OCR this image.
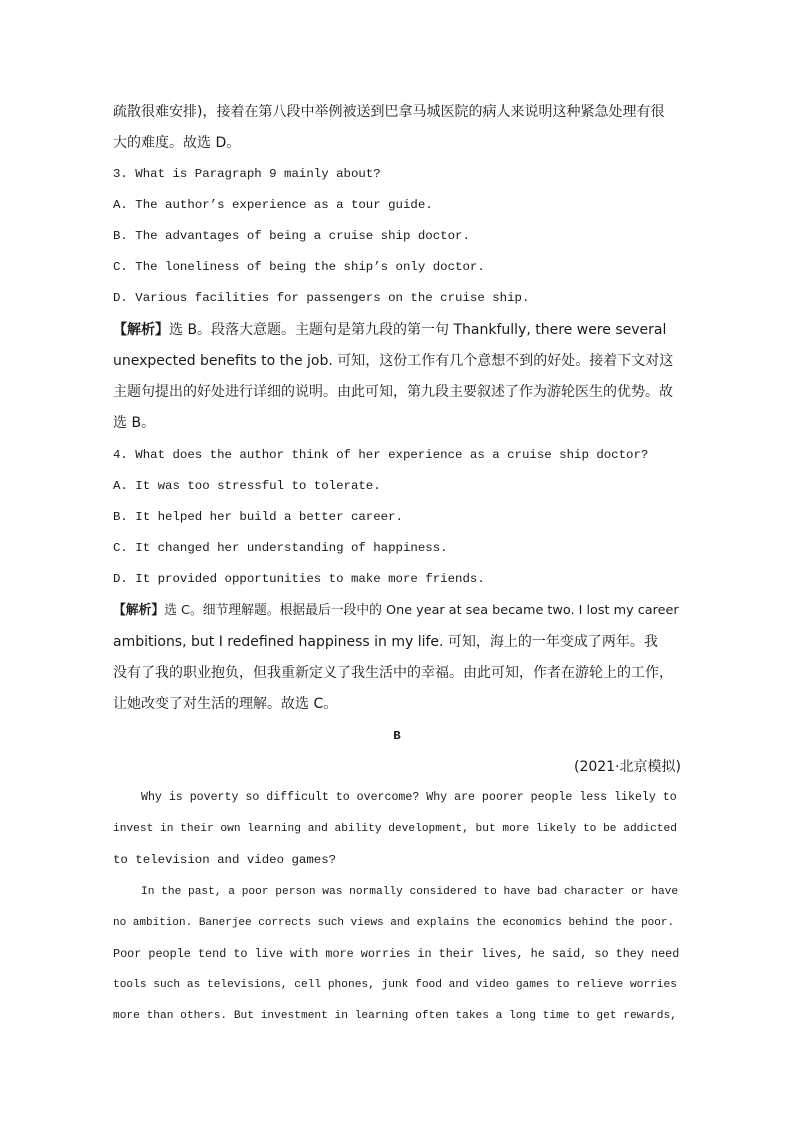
疏散很难安排)，接着在第八段中举例被送到巴拿马城医院的病人来说明这种紧急处理有很
大的难度。故选 D。
3. What is Paragraph 9 mainly about?
A. The author’s experience as a tour guide.
B. The advantages of being a cruise ship doctor.
C. The loneliness of being the ship’s only doctor.
D. Various facilities for passengers on the cruise ship.
【解析】选 B。段落大意题。主题句是第九段的第一句 Thankfully, there were several
unexpected benefits to the job. 可知，这份工作有几个意想不到的好处。接着下文对这
主题句提出的好处进行详细的说明。由此可知，第九段主要叙述了作为游轮医生的优势。故
选 B。
4. What does the author think of her experience as a cruise ship doctor?
A. It was too stressful to tolerate.
B. It helped her build a better career.
C. It changed her understanding of happiness.
D. It provided opportunities to make more friends.
【解析】选 C。细节理解题。根据最后一段中的 One year at sea became two. I lost my career
ambitions, but I redefined happiness in my life. 可知，海上的一年变成了两年。我
没有了我的职业抱负，但我重新定义了我生活中的幸福。由此可知，作者在游轮上的工作，
让她改变了对生活的理解。故选 C。
B
(2021·北京模拟)
Why is poverty so difficult to overcome? Why are poorer people less likely to
invest in their own learning and ability development, but more likely to be addicted
to television and video games?
In the past, a poor person was normally considered to have bad character or have
no ambition. Banerjee corrects such views and explains the economics behind the poor.
Poor people tend to live with more worries in their lives, he said, so they need
tools such as televisions, cell phones, junk food and video games to relieve worries
more than others. But investment in learning often takes a long time to get rewards,
